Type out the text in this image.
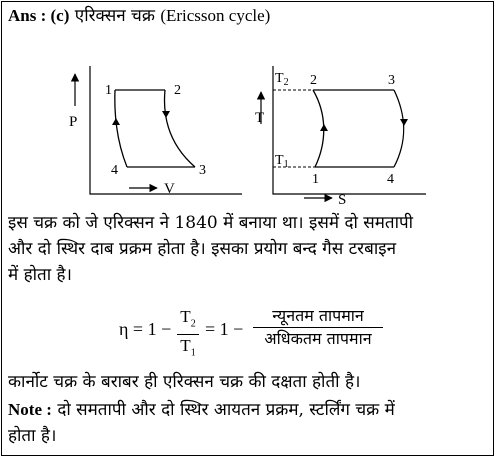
Ans : (c) एरिक्सन चक्र (Ericsson cycle)
P
V
1	2
3
4
T
S
$T_2$
$T_1$
2	3
1	4
इस चक्र को जे एरिक्सन ने 1840 में बनाया था। इसमें दो समतापी
और दो स्थिर दाब प्रक्रम होता है। इसका प्रयोग बन्द गैस टरबाइन
में होता है।
$\eta = 1 - \frac{T_2}{T_1} = 1$ −
न्यूनतम तापमान
अधिकतम तापमान
कार्नोट चक्र के बराबर ही एरिक्सन चक्र की दक्षता होती है।
Note : दो समतापी और दो स्थिर आयतन प्रक्रम, स्टर्लिंग चक्र में
होता है।
